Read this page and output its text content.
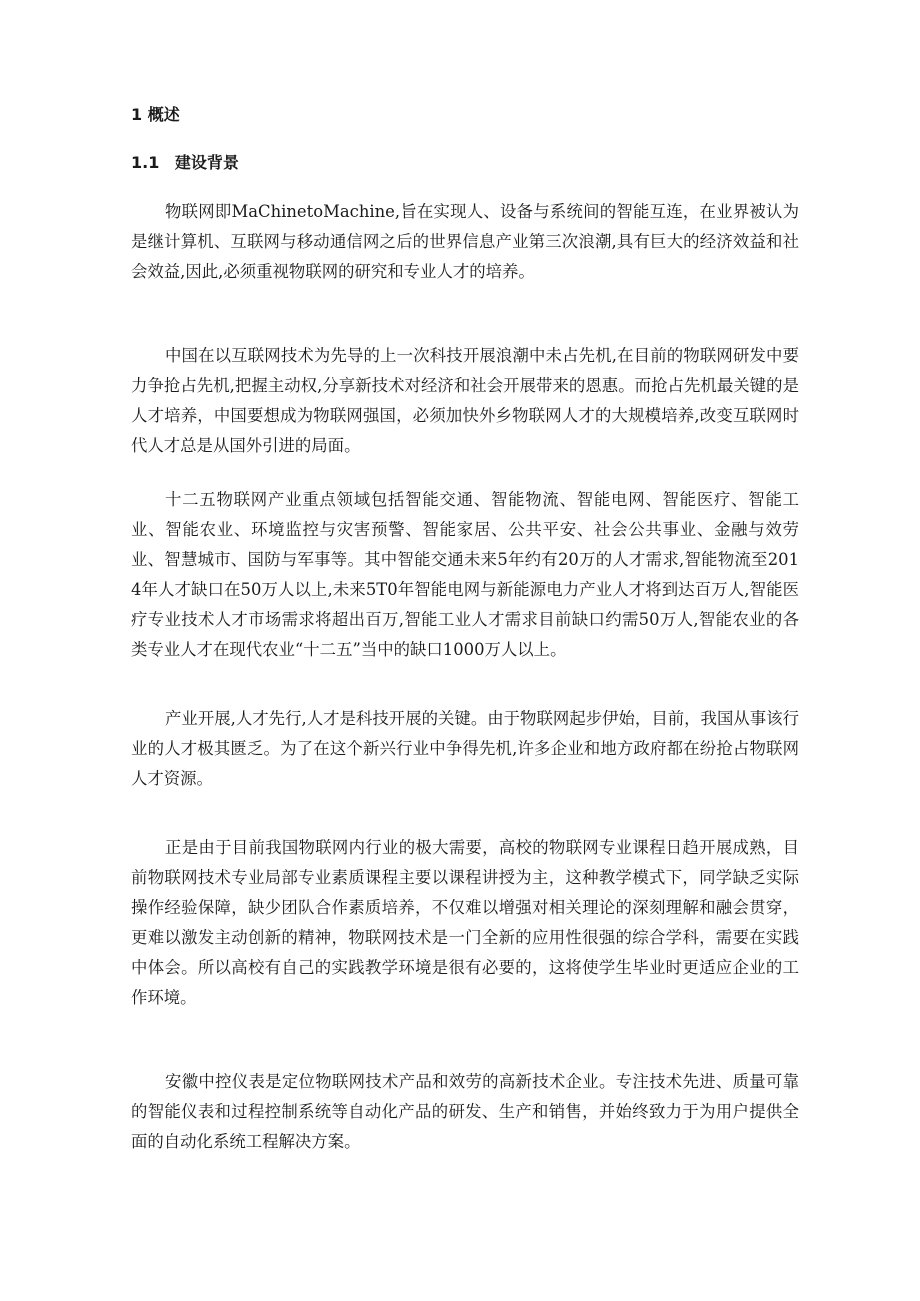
1 概述
1.1 建设背景

物联网即MaChinetoMachine,旨在实现人、设备与系统间的智能互连，在业界被认为是继计算机、互联网与移动通信网之后的世界信息产业第三次浪潮,具有巨大的经济效益和社会效益,因此,必须重视物联网的研究和专业人才的培养。

中国在以互联网技术为先导的上一次科技开展浪潮中未占先机,在目前的物联网研发中要力争抢占先机,把握主动权,分享新技术对经济和社会开展带来的恩惠。而抢占先机最关键的是人才培养，中国要想成为物联网强国，必须加快外乡物联网人才的大规模培养,改变互联网时代人才总是从国外引进的局面。

十二五物联网产业重点领域包括智能交通、智能物流、智能电网、智能医疗、智能工业、智能农业、环境监控与灾害预警、智能家居、公共平安、社会公共事业、金融与效劳业、智慧城市、国防与军事等。其中智能交通未来5年约有20万的人才需求,智能物流至2014年人才缺口在50万人以上,未来5T0年智能电网与新能源电力产业人才将到达百万人,智能医疗专业技术人才市场需求将超出百万,智能工业人才需求目前缺口约需50万人,智能农业的各类专业人才在现代农业“十二五”当中的缺口1000万人以上。

产业开展,人才先行,人才是科技开展的关键。由于物联网起步伊始，目前，我国从事该行业的人才极其匮乏。为了在这个新兴行业中争得先机,许多企业和地方政府都在纷抢占物联网人才资源。

正是由于目前我国物联网内行业的极大需要，高校的物联网专业课程日趋开展成熟，目前物联网技术专业局部专业素质课程主要以课程讲授为主，这种教学模式下，同学缺乏实际操作经验保障，缺少团队合作素质培养，不仅难以增强对相关理论的深刻理解和融会贯穿，更难以激发主动创新的精神，物联网技术是一门全新的应用性很强的综合学科，需要在实践中体会。所以高校有自己的实践教学环境是很有必要的，这将使学生毕业时更适应企业的工作环境。

安徽中控仪表是定位物联网技术产品和效劳的高新技术企业。专注技术先进、质量可靠的智能仪表和过程控制系统等自动化产品的研发、生产和销售，并始终致力于为用户提供全面的自动化系统工程解决方案。
